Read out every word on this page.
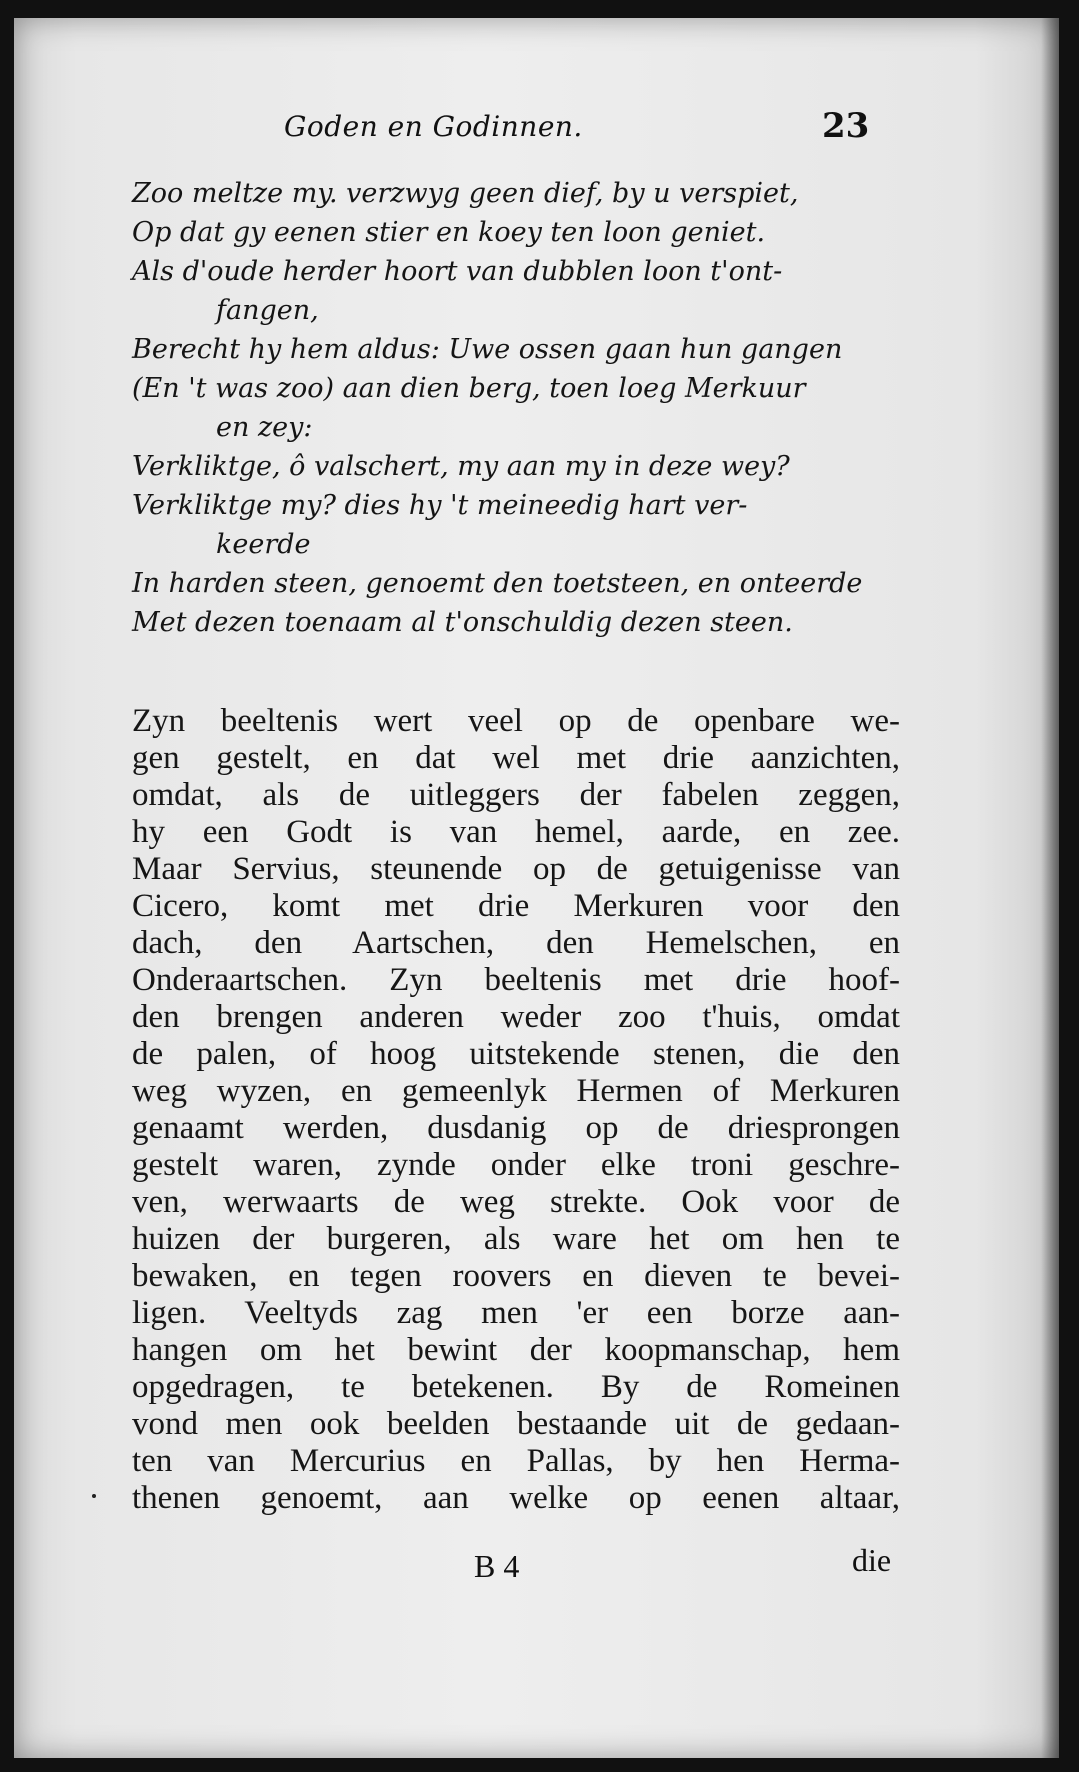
Goden en Godinnen.	23
Zoo meltze my. verzwyg geen dief, by u verspiet,
Op dat gy eenen stier en koey ten loon geniet.
Als d'oude herder hoort van dubblen loon t'ont-
fangen,
Berecht hy hem aldus: Uwe ossen gaan hun gangen
(En 't was zoo) aan dien berg, toen loeg Merkuur
en zey:
Verkliktge, ô valschert, my aan my in deze wey?
Verkliktge my? dies hy 't meineedig hart ver-
keerde
In harden steen, genoemt den toetsteen, en onteerde
Met dezen toenaam al t'onschuldig dezen steen.
Zyn beeltenis wert veel op de openbare we-
gen gestelt, en dat wel met drie aanzichten,
omdat, als de uitleggers der fabelen zeggen,
hy een Godt is van hemel, aarde, en zee.
Maar Servius, steunende op de getuigenisse van
Cicero, komt met drie Merkuren voor den
dach, den Aartschen, den Hemelschen, en
Onderaartschen. Zyn beeltenis met drie hoof-
den brengen anderen weder zoo t'huis, omdat
de palen, of hoog uitstekende stenen, die den
weg wyzen, en gemeenlyk Hermen of Merkuren
genaamt werden, dusdanig op de driesprongen
gestelt waren, zynde onder elke troni geschre-
ven, werwaarts de weg strekte. Ook voor de
huizen der burgeren, als ware het om hen te
bewaken, en tegen roovers en dieven te bevei-
ligen. Veeltyds zag men 'er een borze aan-
hangen om het bewint der koopmanschap, hem
opgedragen, te betekenen. By de Romeinen
vond men ook beelden bestaande uit de gedaan-
ten van Mercurius en Pallas, by hen Herma-
thenen genoemt, aan welke op eenen altaar,
B 4	die
